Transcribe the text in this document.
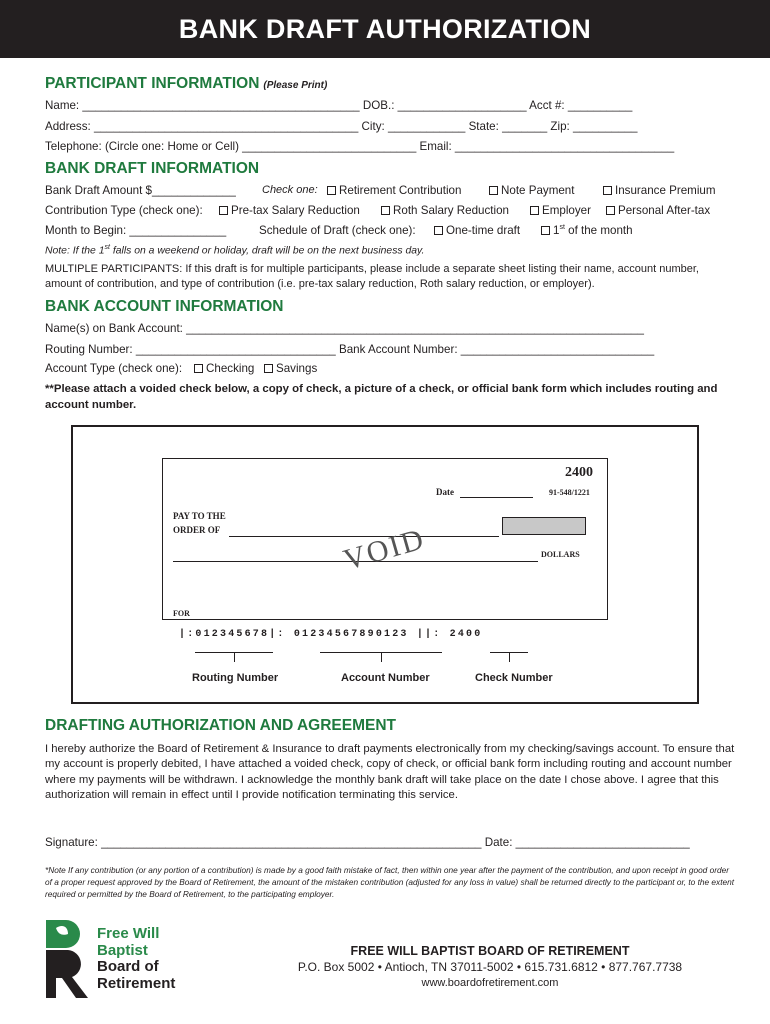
BANK DRAFT AUTHORIZATION
PARTICIPANT INFORMATION (Please Print)
Name: ___________________________________________ DOB.: ____________________ Acct #: __________
Address: _________________________________________ City: ____________ State: _______ Zip: __________
Telephone: (Circle one: Home or Cell) ___________________________ Email: __________________________________
BANK DRAFT INFORMATION
Bank Draft Amount $_____________ Check one:	Retirement Contribution	Note Payment	Insurance Premium
Contribution Type (check one):	Pre-tax Salary Reduction	Roth Salary Reduction	Employer	Personal After-tax
Month to Begin: _______________	Schedule of Draft (check one):	One-time draft	1st of the month
Note: If the 1st falls on a weekend or holiday, draft will be on the next business day.
MULTIPLE PARTICIPANTS: If this draft is for multiple participants, please include a separate sheet listing their name, account number, amount of contribution, and type of contribution (i.e. pre-tax salary reduction, Roth salary reduction, or employer).
BANK ACCOUNT INFORMATION
Name(s) on Bank Account: _______________________________________________________________________
Routing Number: _______________________________ Bank Account Number: ______________________________
Account Type (check one):	Checking	Savings
**Please attach a voided check below, a copy of check, a picture of a check, or official bank form which includes routing and account number.
2400
Date	91-548/1221
PAY TO THE
ORDER OF
DOLLARS
VOID
FOR
|:012345678|: 01234567890123 ||: 2400
Routing Number	Account Number	Check Number
DRAFTING AUTHORIZATION AND AGREEMENT
I hereby authorize the Board of Retirement & Insurance to draft payments electronically from my checking/savings account. To ensure that my account is properly debited, I have attached a voided check, copy of check, or official bank form including routing and account number where my payments will be withdrawn. I acknowledge the monthly bank draft will take place on the date I chose above. I agree that this authorization will remain in effect until I provide notification terminating this service.
Signature: ___________________________________________________________ Date: ___________________________
*Note If any contribution (or any portion of a contribution) is made by a good faith mistake of fact, then within one year after the payment of the contribution, and upon receipt in good order of a proper request approved by the Board of Retirement, the amount of the mistaken contribution (adjusted for any loss in value) shall be returned directly to the participant or, to the extent required or permitted by the Board of Retirement, to the participating employer.
Free Will
Baptist
Board of
Retirement
FREE WILL BAPTIST BOARD OF RETIREMENT
P.O. Box 5002 • Antioch, TN 37011-5002 • 615.731.6812 • 877.767.7738
www.boardofretirement.com
